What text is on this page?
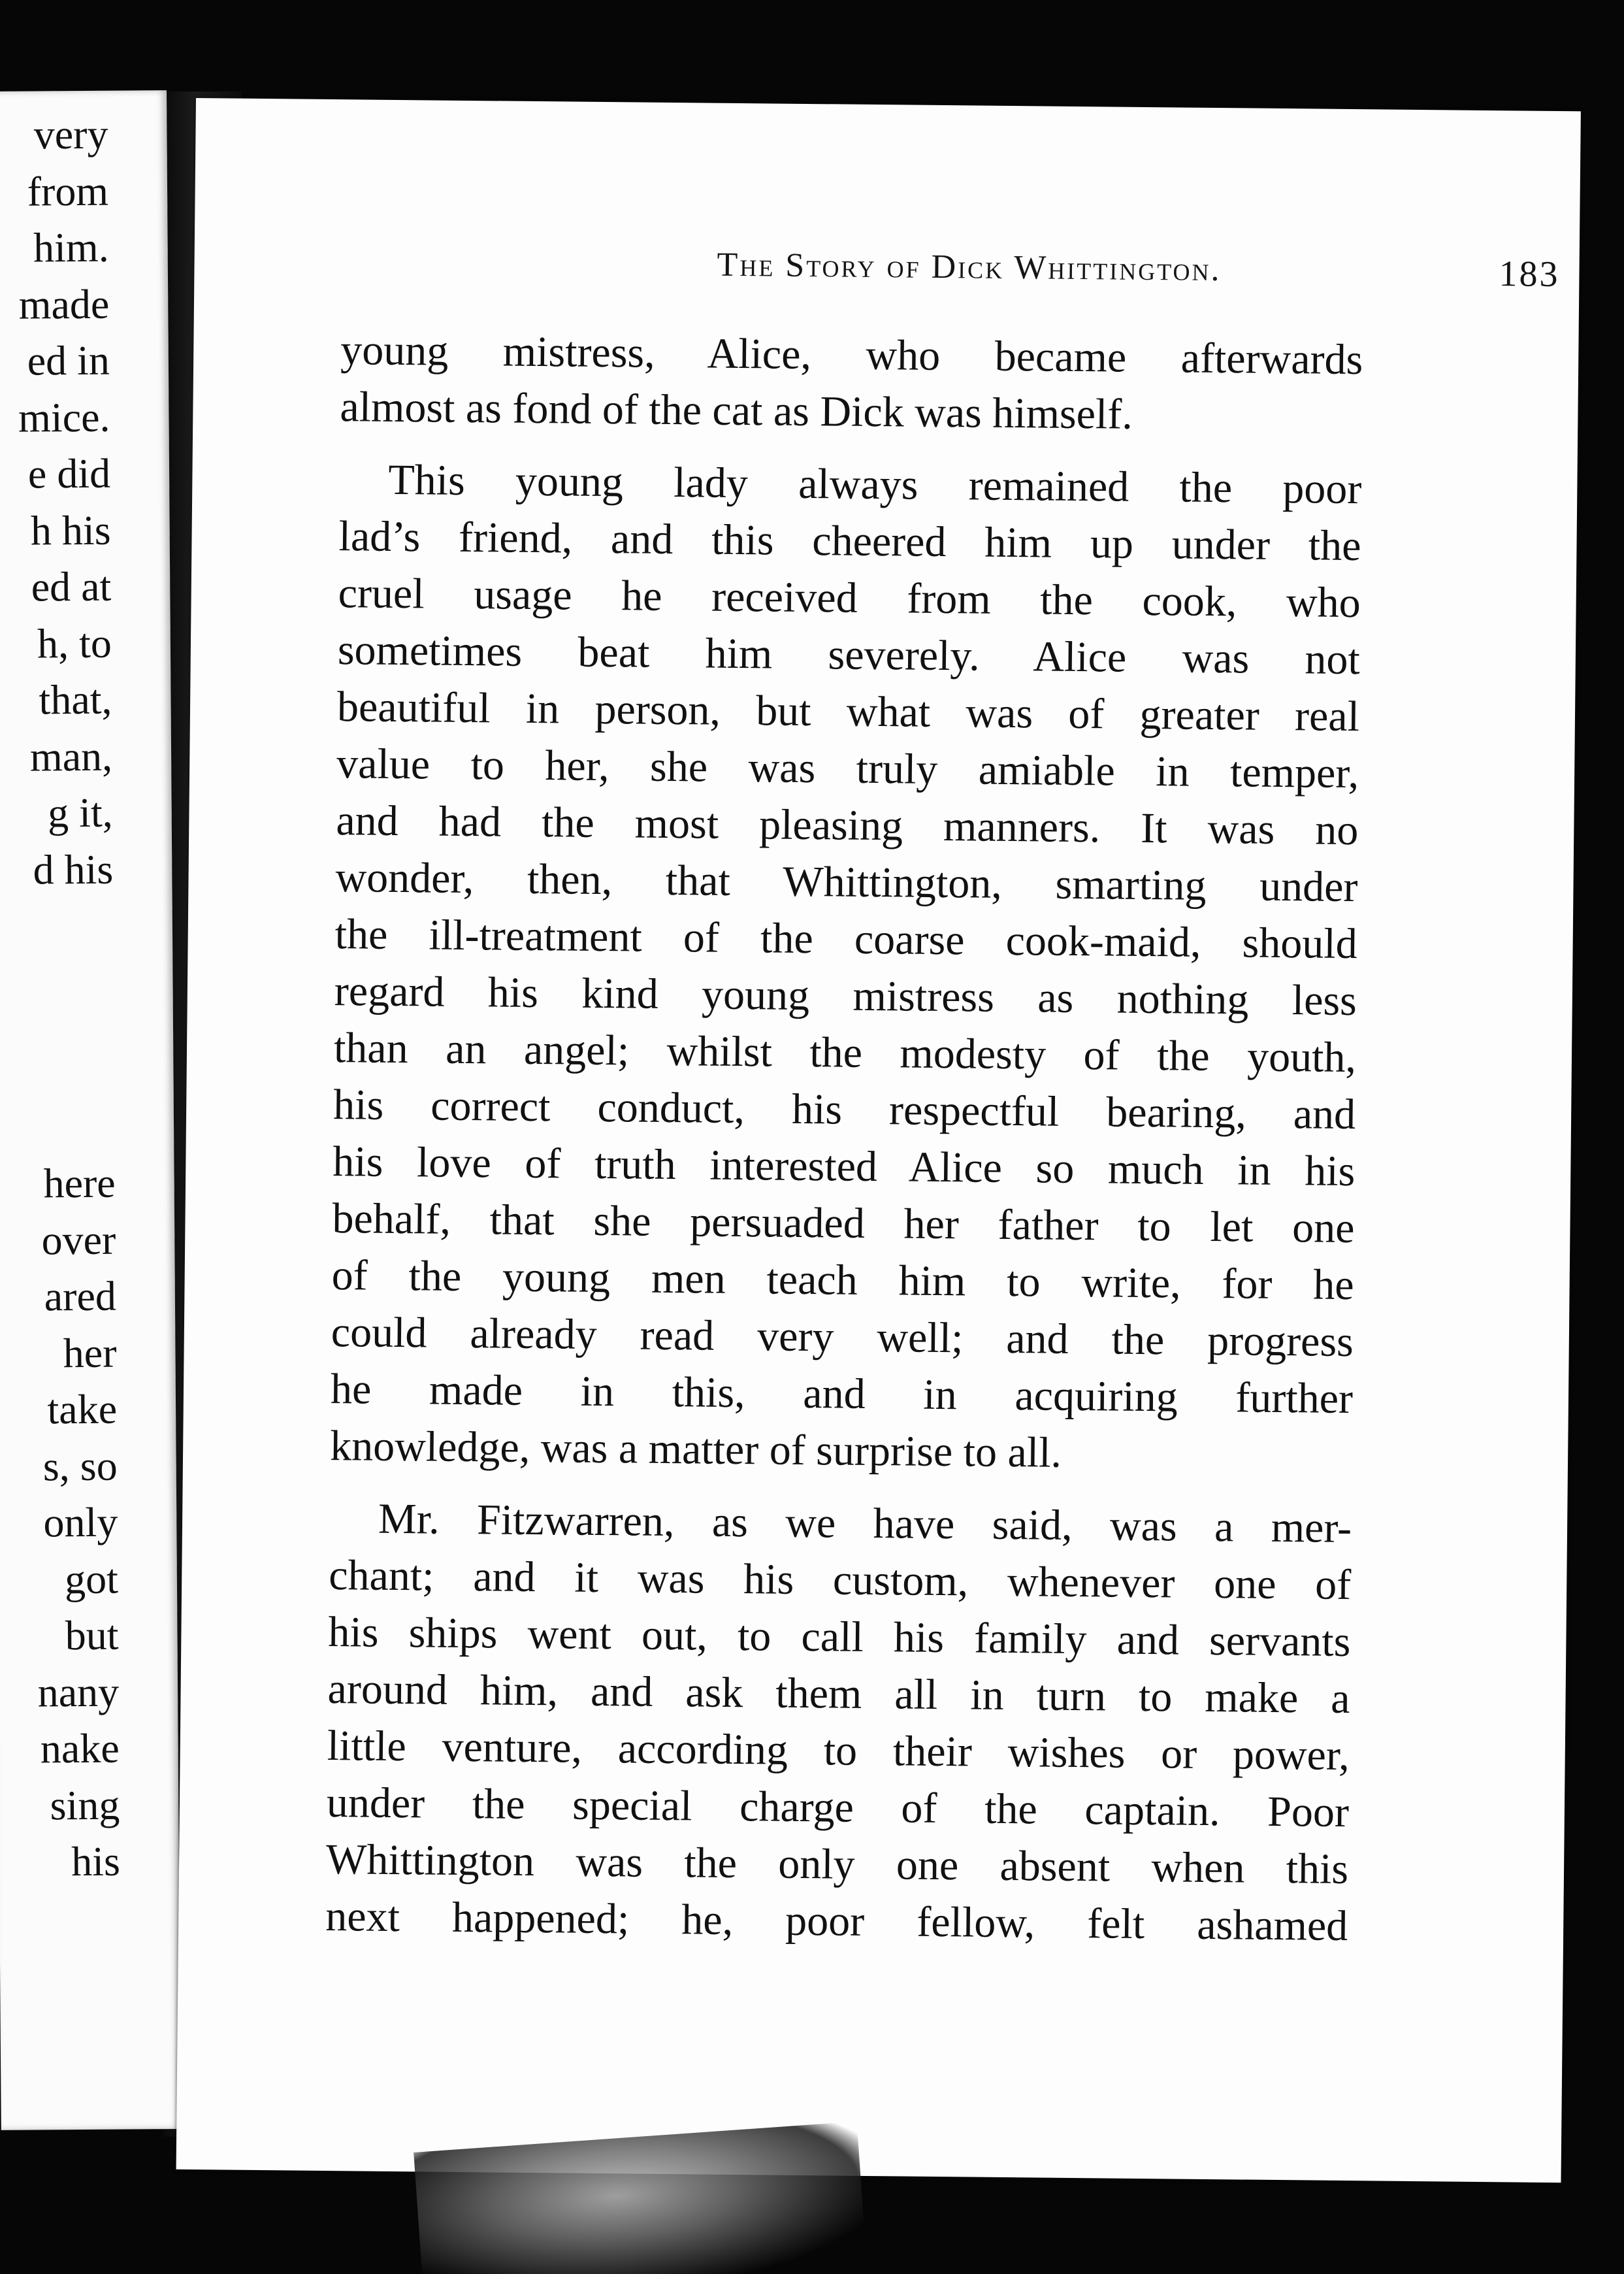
very
from
him.
made
ed in
mice.
e did
h his
ed at
h, to
that,
man,
g it,
d his
here
over
ared
her
take
s, so
only
got
but
nany
nake
sing
his
The Story of Dick Whittington.	183
young mistress, Alice, who became afterwards
almost as fond of the cat as Dick was himself.
This young lady always remained the poor
lad’s friend, and this cheered him up under the
cruel usage he received from the cook, who
sometimes beat him severely. Alice was not
beautiful in person, but what was of greater real
value to her, she was truly amiable in temper,
and had the most pleasing manners. It was no
wonder, then, that Whittington, smarting under
the ill-treatment of the coarse cook-maid, should
regard his kind young mistress as nothing less
than an angel; whilst the modesty of the youth,
his correct conduct, his respectful bearing, and
his love of truth interested Alice so much in his
behalf, that she persuaded her father to let one
of the young men teach him to write, for he
could already read very well; and the progress
he made in this, and in acquiring further
knowledge, was a matter of surprise to all.
Mr. Fitzwarren, as we have said, was a mer-
chant; and it was his custom, whenever one of
his ships went out, to call his family and servants
around him, and ask them all in turn to make a
little venture, according to their wishes or power,
under the special charge of the captain. Poor
Whittington was the only one absent when this
next happened; he, poor fellow, felt ashamed
